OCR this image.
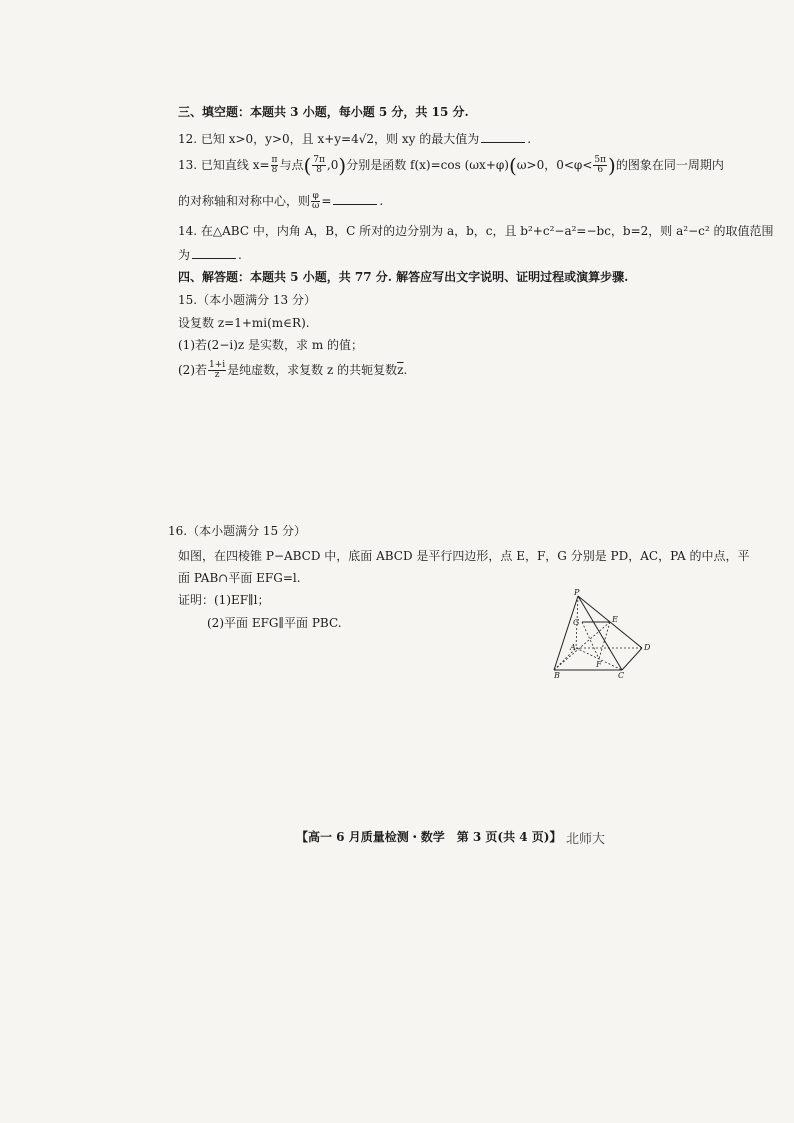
三、填空题：本题共 3 小题，每小题 5 分，共 15 分.
12. 已知 x>0，y>0，且 x+y=4√2，则 xy 的最大值为	.
13. 已知直线 $x= \frac{\pi}{8}$ 与点( $\frac{7\pi}{8} ,0$)分别是函数 f(x)=cos (ωx+φ)(ω>0，$0<\varphi< \frac{5\pi}{6}$ )的图象在同一周期内
的对称轴和对称中心，则 $\frac{\varphi}{\omega}$ =	.
14. 在△ABC 中，内角 A，B，C 所对的边分别为 a，b，c，且 b²+c²−a²=−bc，b=2，则 a²−c² 的取值范围
为	.
四、解答题：本题共 5 小题，共 77 分. 解答应写出文字说明、证明过程或演算步骤.
15.（本小题满分 13 分）
设复数 z=1+mi(m∈R).
(1)若(2−i)z 是实数，求 m 的值；
(2)若 $\frac{1+i}{z}$ 是纯虚数，求复数 z 的共轭复数$\overline{z}$.
16.（本小题满分 15 分）
如图，在四棱锥 P−ABCD 中，底面 ABCD 是平行四边形，点 E，F，G 分别是 PD，AC，PA 的中点，平
面 PAB∩平面 EFG=l.
证明：(1)EF∥l；
(2)平面 EFG∥平面 PBC.
P
G	E
A
F
D
B	C
【高一 6 月质量检测・数学　第 3 页(共 4 页)】 北师大
